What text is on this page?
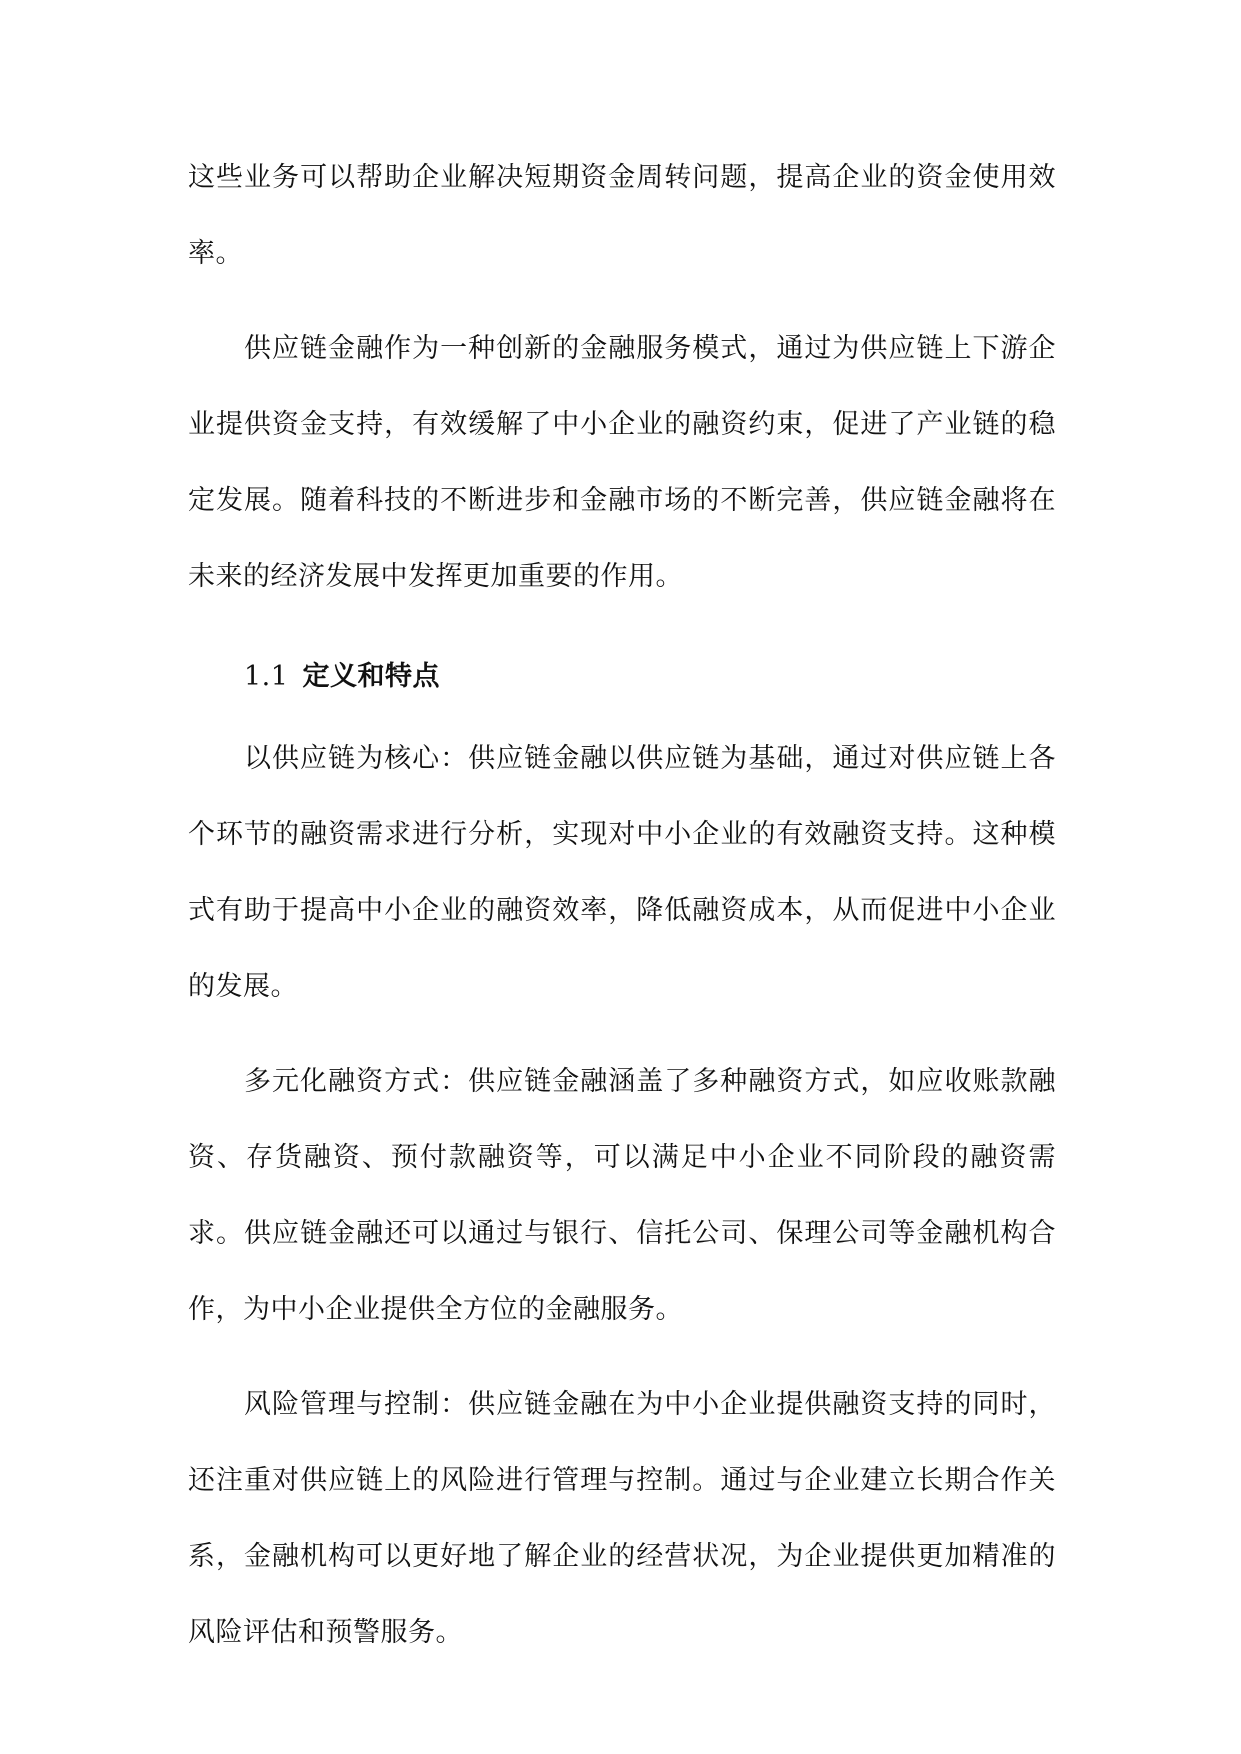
这些业务可以帮助企业解决短期资金周转问题，提高企业的资金使用效率。

供应链金融作为一种创新的金融服务模式，通过为供应链上下游企业提供资金支持，有效缓解了中小企业的融资约束，促进了产业链的稳定发展。随着科技的不断进步和金融市场的不断完善，供应链金融将在未来的经济发展中发挥更加重要的作用。

1.1 定义和特点

以供应链为核心：供应链金融以供应链为基础，通过对供应链上各个环节的融资需求进行分析，实现对中小企业的有效融资支持。这种模式有助于提高中小企业的融资效率，降低融资成本，从而促进中小企业的发展。

多元化融资方式：供应链金融涵盖了多种融资方式，如应收账款融资、存货融资、预付款融资等，可以满足中小企业不同阶段的融资需求。供应链金融还可以通过与银行、信托公司、保理公司等金融机构合作，为中小企业提供全方位的金融服务。

风险管理与控制：供应链金融在为中小企业提供融资支持的同时，还注重对供应链上的风险进行管理与控制。通过与企业建立长期合作关系，金融机构可以更好地了解企业的经营状况，为企业提供更加精准的风险评估和预警服务。
